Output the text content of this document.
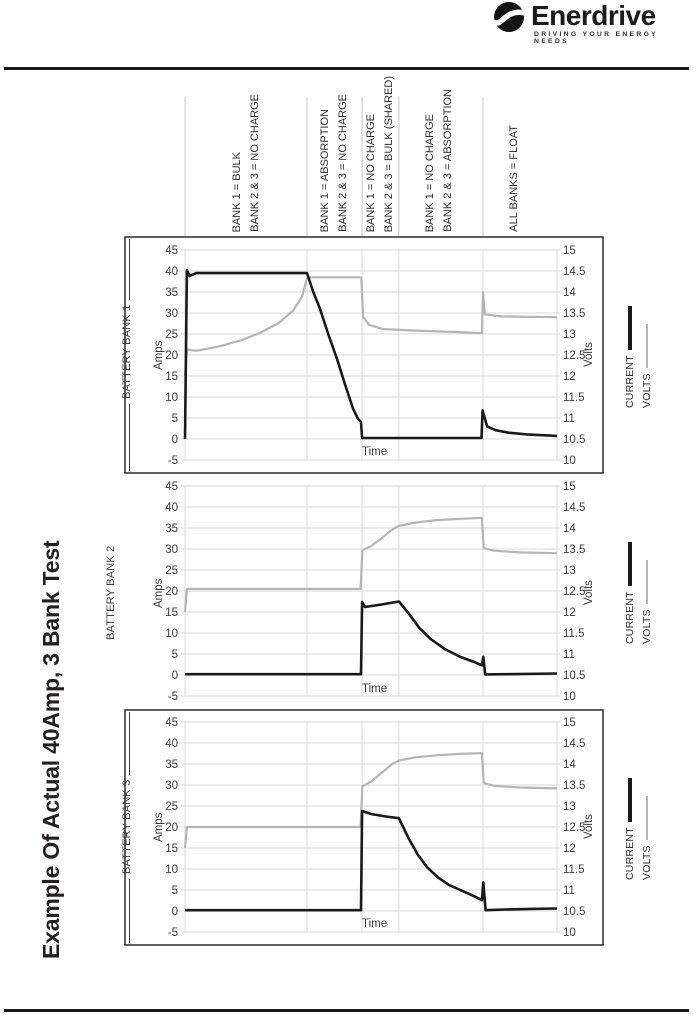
Enerdrive
DRIVING YOUR ENERGY NEEDS
Example Of Actual 40Amp, 3 Bank Test
BANK 1 = BULK BANK 2 & 3 = NO CHARGE	BANK 1 = ABSORPTION BANK 2 & 3 = NO CHARGE BANK 1 = NO CHARGE BANK 2 & 3 = BULK (SHARED)	BANK 1 = NO CHARGE BANK 2 & 3 = ABSORPTION	ALL BANKS = FLOAT
45	15
40	14.5
35	14
30	13.5
25	13
20	12.5
15	12
10	11.5
5	11
0	10.5
-5	10
45	15
40	14.5
35	14
30	13.5
25	13
20	12.5
15	12
10	11.5
5	11
0	10.5
-5	10
45	15
40	14.5
35	14
30	13.5
25	13
20	12.5
15	12
10	11.5
5	11
0	10.5
-5	10
BATTERY BANK 1 Amps	Volts
Time
CURRENT VOLTS
BATTERY BANK 2	Amps	Volts
Time
CURRENT VOLTS
BATTERY BANK 3 Amps	Volts
Time
CURRENT VOLTS
